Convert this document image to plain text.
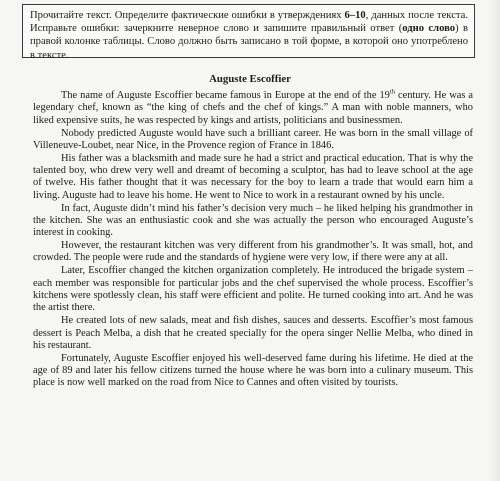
Прочитайте текст. Определите фактические ошибки в утверждениях 6–10, данных после текста. Исправьте ошибки: зачеркните неверное слово и запишите правильный ответ (одно слово) в правой колонке таблицы. Слово должно быть записано в той форме, в которой оно употреблено в тексте.
Auguste Escoffier

The name of Auguste Escoffier became famous in Europe at the end of the 19th century. He was a legendary chef, known as “the king of chefs and the chef of kings.” A man with noble manners, who liked expensive suits, he was respected by kings and artists, politicians and businessmen.

Nobody predicted Auguste would have such a brilliant career. He was born in the small village of Villeneuve-Loubet, near Nice, in the Provence region of France in 1846.

His father was a blacksmith and made sure he had a strict and practical education. That is why the talented boy, who drew very well and dreamt of becoming a sculptor, has had to leave school at the age of twelve. His father thought that it was necessary for the boy to learn a trade that would earn him a living. Auguste had to leave his home. He went to Nice to work in a restaurant owned by his uncle.

In fact, Auguste didn’t mind his father’s decision very much – he liked helping his grandmother in the kitchen. She was an enthusiastic cook and she was actually the person who encouraged Auguste’s interest in cooking.

However, the restaurant kitchen was very different from his grandmother’s. It was small, hot, and crowded. The people were rude and the standards of hygiene were very low, if there were any at all.

Later, Escoffier changed the kitchen organization completely. He introduced the brigade system – each member was responsible for particular jobs and the chef supervised the whole process. Escoffier’s kitchens were spotlessly clean, his staff were efficient and polite. He turned cooking into art. And he was the artist there.

He created lots of new salads, meat and fish dishes, sauces and desserts. Escoffier’s most famous dessert is Peach Melba, a dish that he created specially for the opera singer Nellie Melba, who dined in his restaurant.

Fortunately, Auguste Escoffier enjoyed his well-deserved fame during his lifetime. He died at the age of 89 and later his fellow citizens turned the house where he was born into a culinary museum. This place is now well marked on the road from Nice to Cannes and often visited by tourists.
